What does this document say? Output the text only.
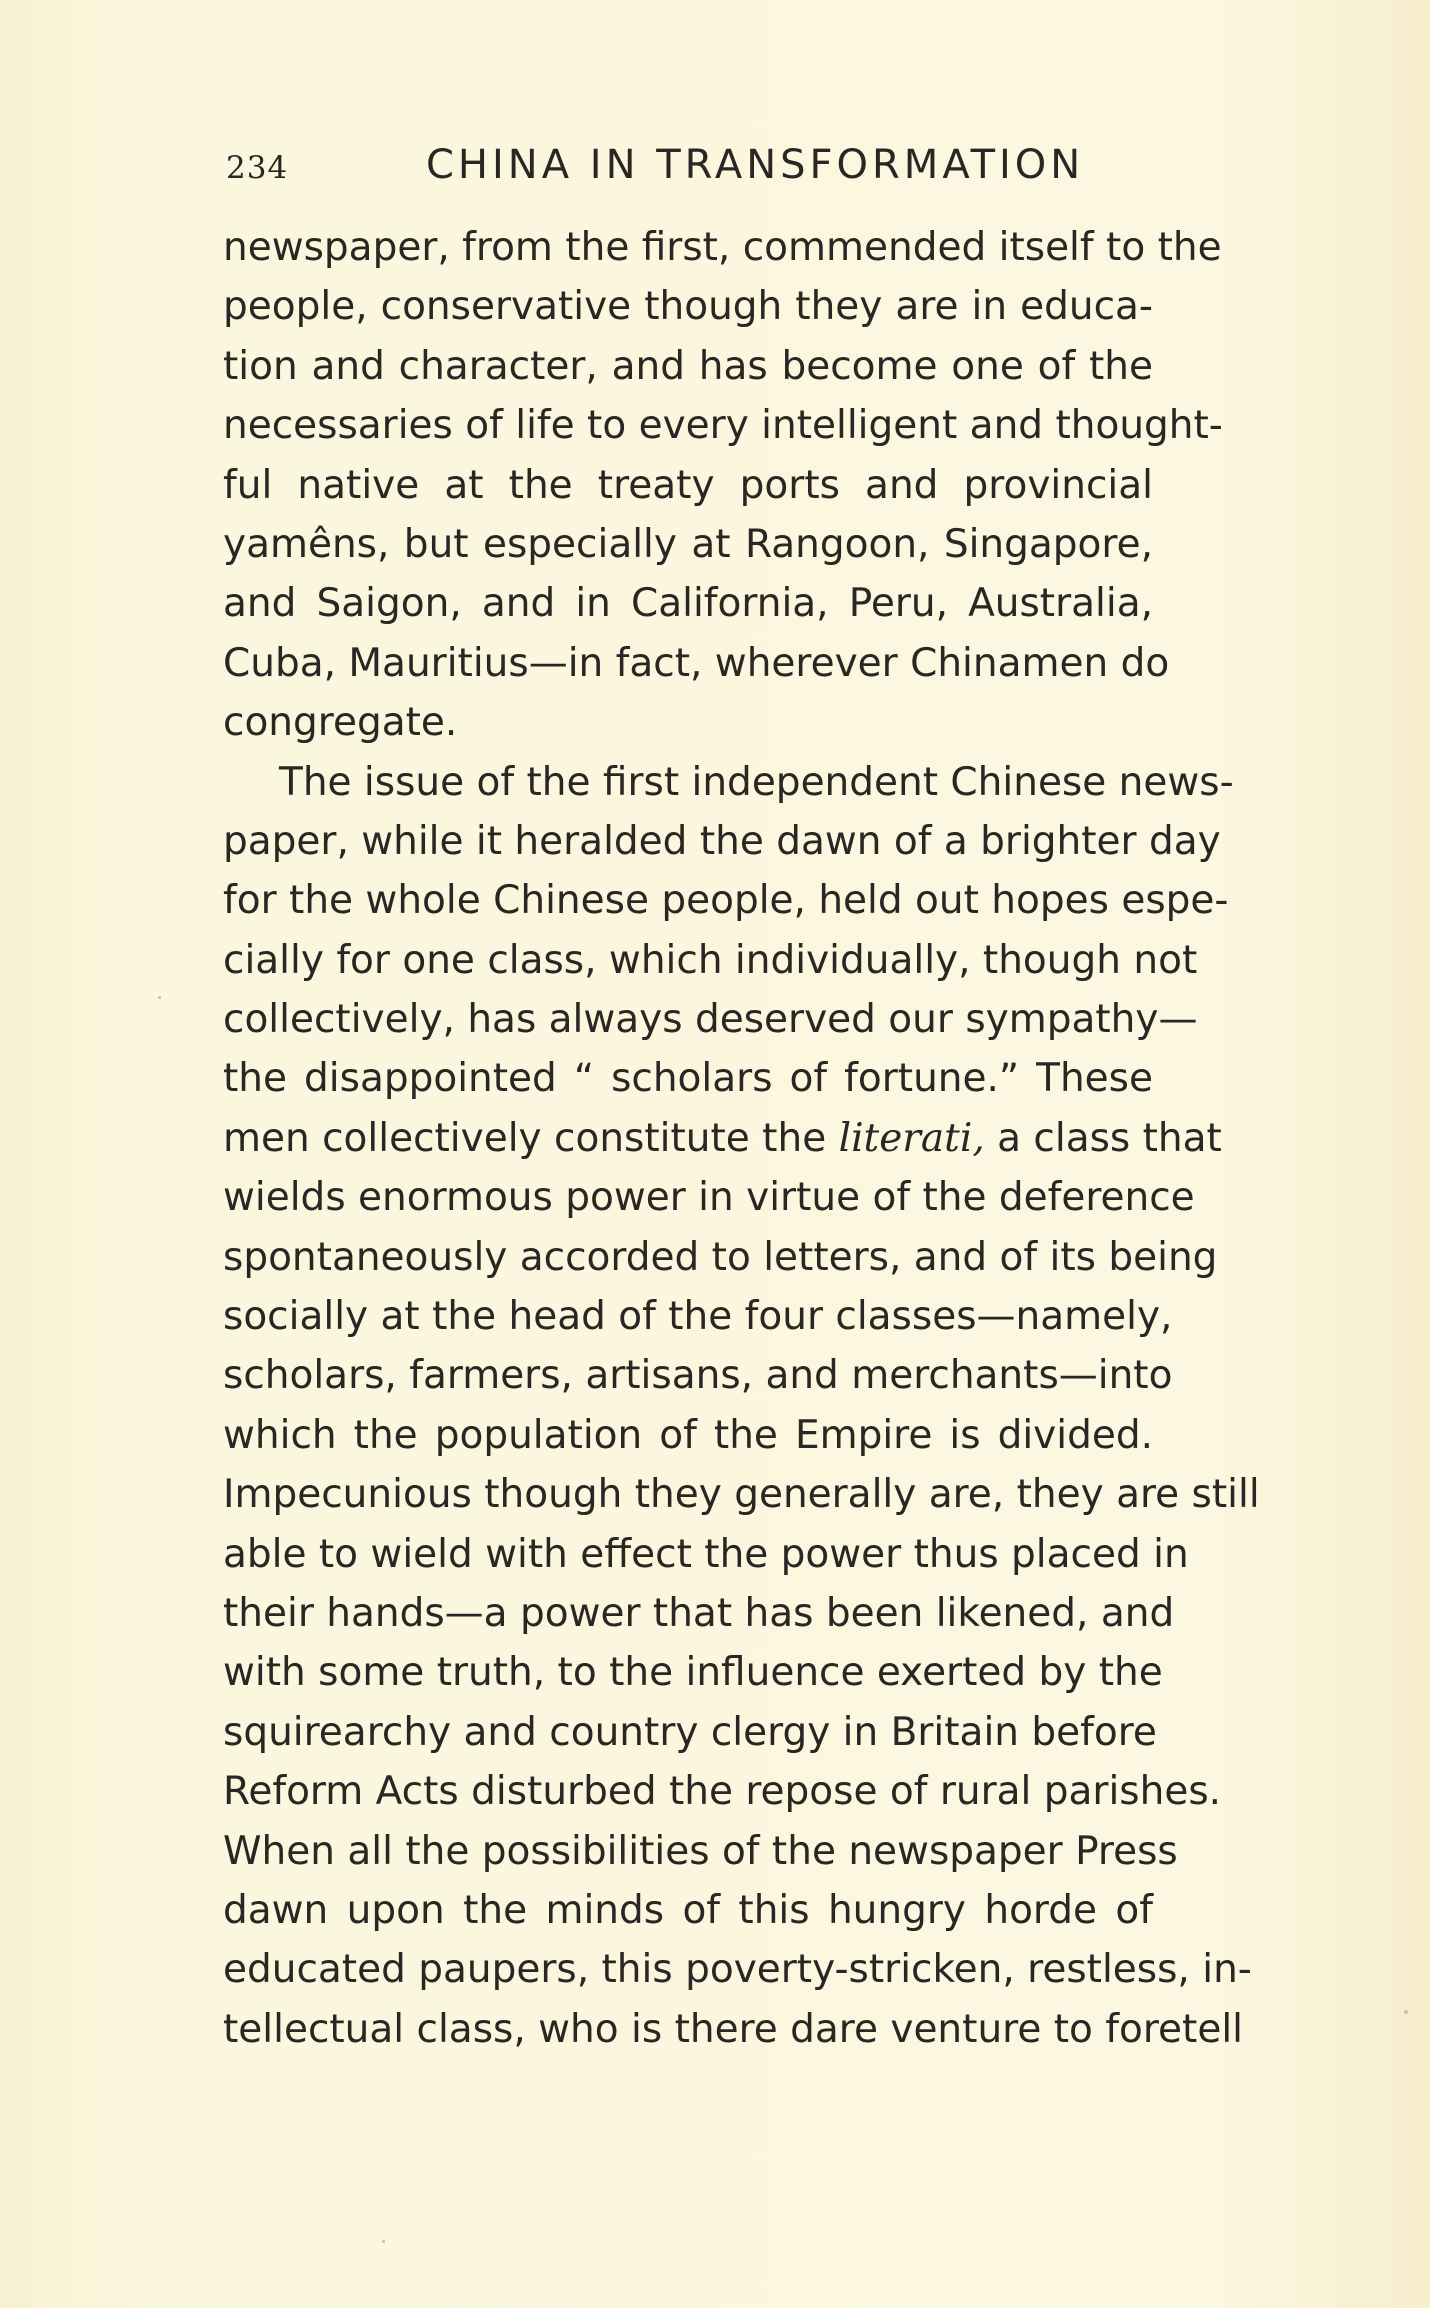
234	CHINA IN TRANSFORMATION
newspaper, from the first, commended itself to the
people, conservative though they are in educa-
tion and character, and has become one of the
necessaries of life to every intelligent and thought-
ful native at the treaty ports and provincial
yamêns, but especially at Rangoon, Singapore,
and Saigon, and in California, Peru, Australia,
Cuba, Mauritius—in fact, wherever Chinamen do
congregate.
The issue of the first independent Chinese news-
paper, while it heralded the dawn of a brighter day
for the whole Chinese people, held out hopes espe-
cially for one class, which individually, though not
collectively, has always deserved our sympathy—
the disappointed “ scholars of fortune.” These
men collectively constitute the literati, a class that
wields enormous power in virtue of the deference
spontaneously accorded to letters, and of its being
socially at the head of the four classes—namely,
scholars, farmers, artisans, and merchants—into
which the population of the Empire is divided.
Impecunious though they generally are, they are still
able to wield with effect the power thus placed in
their hands—a power that has been likened, and
with some truth, to the influence exerted by the
squirearchy and country clergy in Britain before
Reform Acts disturbed the repose of rural parishes.
When all the possibilities of the newspaper Press
dawn upon the minds of this hungry horde of
educated paupers, this poverty-stricken, restless, in-
tellectual class, who is there dare venture to foretell
